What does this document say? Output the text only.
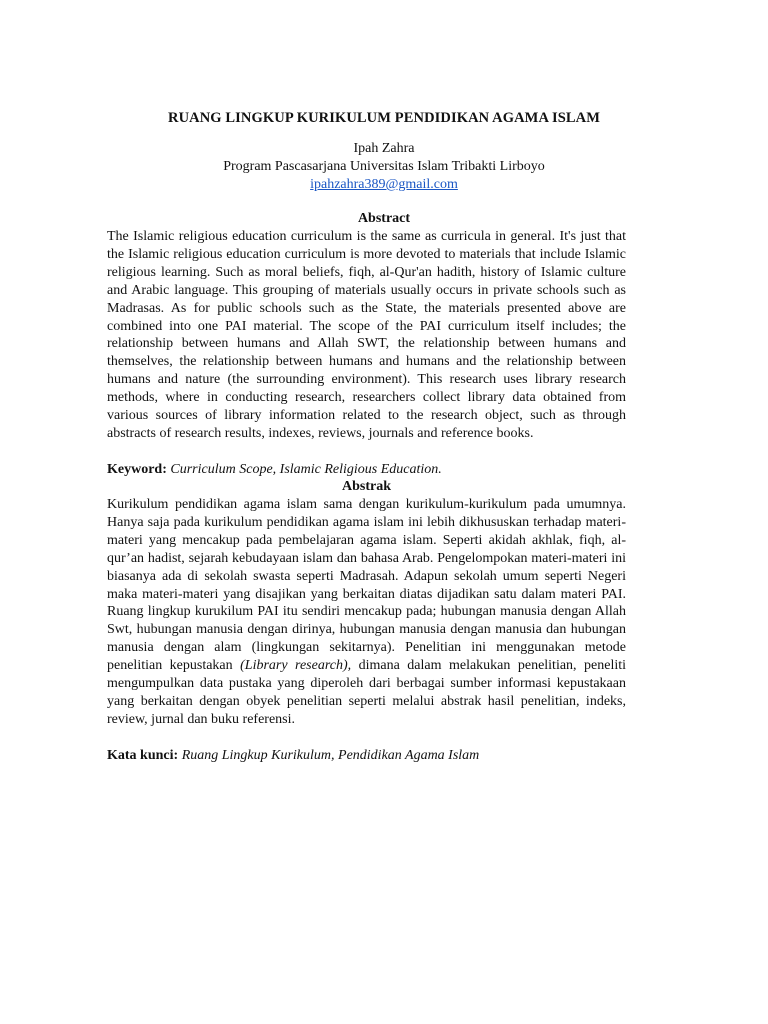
RUANG LINGKUP KURIKULUM PENDIDIKAN AGAMA ISLAM
Ipah Zahra
Program Pascasarjana Universitas Islam Tribakti Lirboyo
ipahzahra389@gmail.com
Abstract
The Islamic religious education curriculum is the same as curricula in general. It's just that the Islamic religious education curriculum is more devoted to materials that include Islamic religious learning. Such as moral beliefs, fiqh, al-Qur'an hadith, history of Islamic culture and Arabic language. This grouping of materials usually occurs in private schools such as Madrasas. As for public schools such as the State, the materials presented above are combined into one PAI material. The scope of the PAI curriculum itself includes; the relationship between humans and Allah SWT, the relationship between humans and themselves, the relationship between humans and humans and the relationship between humans and nature (the surrounding environment). This research uses library research methods, where in conducting research, researchers collect library data obtained from various sources of library information related to the research object, such as through abstracts of research results, indexes, reviews, journals and reference books.
Keyword: Curriculum Scope, Islamic Religious Education.
Abstrak
Kurikulum pendidikan agama islam sama dengan kurikulum-kurikulum pada umumnya. Hanya saja pada kurikulum pendidikan agama islam ini lebih dikhususkan terhadap materi-materi yang mencakup pada pembelajaran agama islam. Seperti akidah akhlak, fiqh, al-qur’an hadist, sejarah kebudayaan islam dan bahasa Arab. Pengelompokan materi-materi ini biasanya ada di sekolah swasta seperti Madrasah. Adapun sekolah umum seperti Negeri maka materi-materi yang disajikan yang berkaitan diatas dijadikan satu dalam materi PAI. Ruang lingkup kurukilum PAI itu sendiri mencakup pada; hubungan manusia dengan Allah Swt, hubungan manusia dengan dirinya, hubungan manusia dengan manusia dan hubungan manusia dengan alam (lingkungan sekitarnya). Penelitian ini menggunakan metode penelitian kepustakan (Library research), dimana dalam melakukan penelitian, peneliti mengumpulkan data pustaka yang diperoleh dari berbagai sumber informasi kepustakaan yang berkaitan dengan obyek penelitian seperti melalui abstrak hasil penelitian, indeks, review, jurnal dan buku referensi.
Kata kunci: Ruang Lingkup Kurikulum, Pendidikan Agama Islam
